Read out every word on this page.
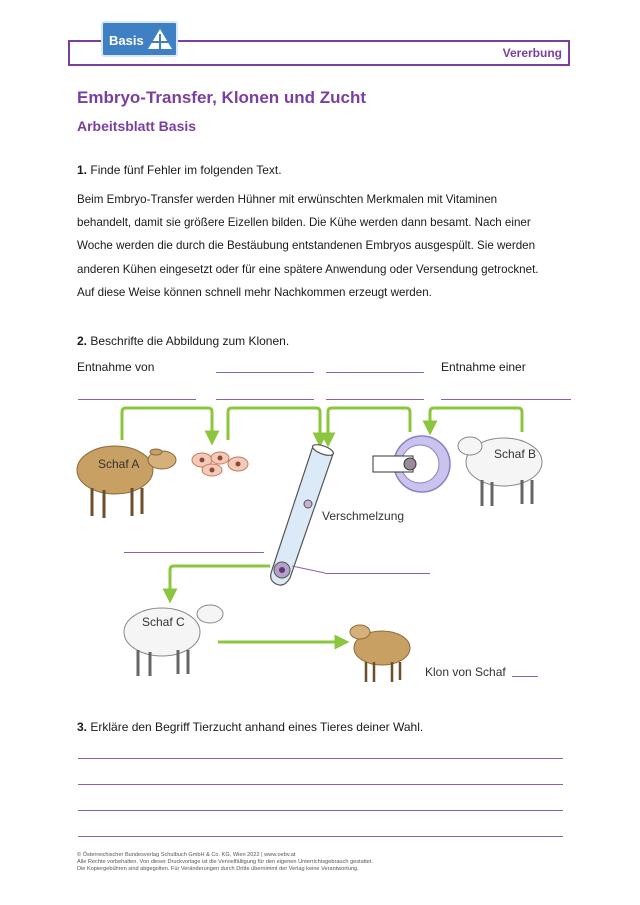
Basis
Vererbung
Embryo-Transfer, Klonen und Zucht
Arbeitsblatt Basis
1. Finde fünf Fehler im folgenden Text.
Beim Embryo-Transfer werden Hühner mit erwünschten Merkmalen mit Vitaminen
behandelt, damit sie größere Eizellen bilden. Die Kühe werden dann besamt. Nach einer
Woche werden die durch die Bestäubung entstandenen Embryos ausgespült. Sie werden
anderen Kühen eingesetzt oder für eine spätere Anwendung oder Versendung getrocknet.
Auf diese Weise können schnell mehr Nachkommen erzeugt werden.
2. Beschrifte die Abbildung zum Klonen.
Entnahme von	Entnahme einer
Schaf A
Verschmelzung
Schaf B
Schaf C
Klon von Schaf
3. Erkläre den Begriff Tierzucht anhand eines Tieres deiner Wahl.
© Österreichischer Bundesverlag Schulbuch GmbH & Co. KG, Wien 2022 | www.oebv.at
Alle Rechte vorbehalten. Von dieser Druckvorlage ist die Vervielfältigung für den eigenen Unterrichtsgebrauch gestattet.
Die Kopiergebühren sind abgegolten. Für Veränderungen durch Dritte übernimmt der Verlag keine Verantwortung.
